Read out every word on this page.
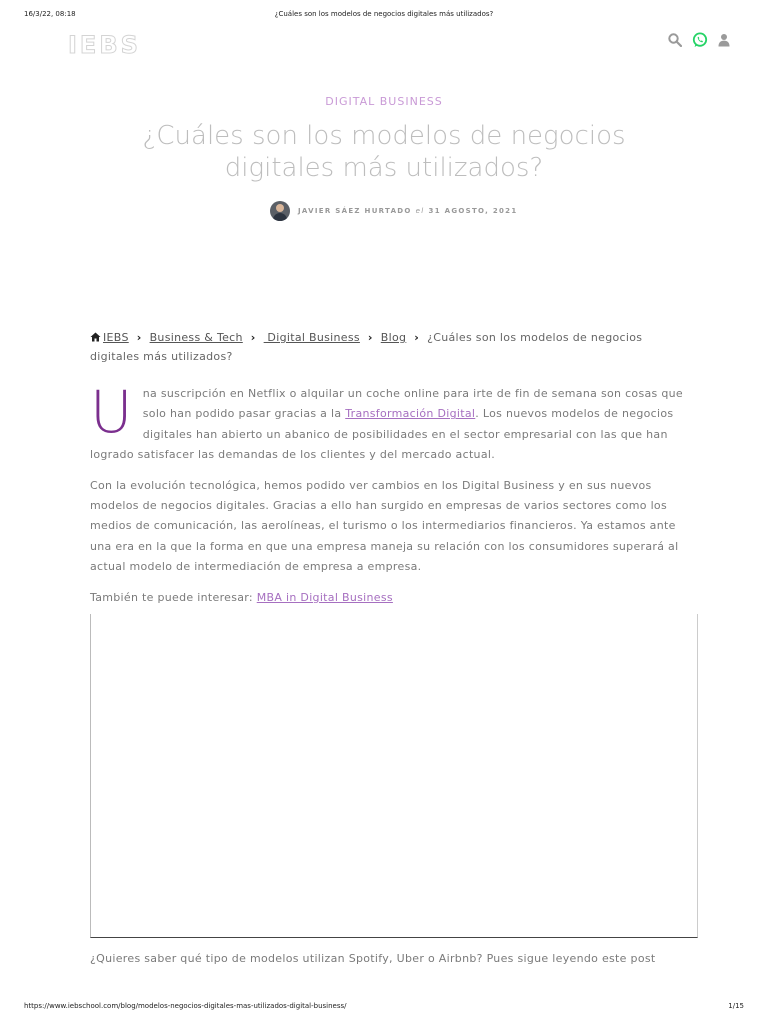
16/3/22, 08:18	¿Cuáles son los modelos de negocios digitales más utilizados?
IEBS
DIGITAL BUSINESS
¿Cuáles son los modelos de negocios digitales más utilizados?
JAVIER SÁEZ HURTADO el 31 AGOSTO, 2021
IEBS › Business & Tech › Digital Business › Blog › ¿Cuáles son los modelos de negocios digitales más utilizados?

Una suscripción en Netflix o alquilar un coche online para irte de fin de semana son cosas que solo han podido pasar gracias a la Transformación Digital. Los nuevos modelos de negocios digitales han abierto un abanico de posibilidades en el sector empresarial con las que han logrado satisfacer las demandas de los clientes y del mercado actual.

Con la evolución tecnológica, hemos podido ver cambios en los Digital Business y en sus nuevos modelos de negocios digitales. Gracias a ello han surgido en empresas de varios sectores como los medios de comunicación, las aerolíneas, el turismo o los intermediarios financieros. Ya estamos ante una era en la que la forma en que una empresa maneja su relación con los consumidores superará al actual modelo de intermediación de empresa a empresa.

También te puede interesar: MBA in Digital Business

¿Quieres saber qué tipo de modelos utilizan Spotify, Uber o Airbnb? Pues sigue leyendo este post
https://www.iebschool.com/blog/modelos-negocios-digitales-mas-utilizados-digital-business/	1/15
